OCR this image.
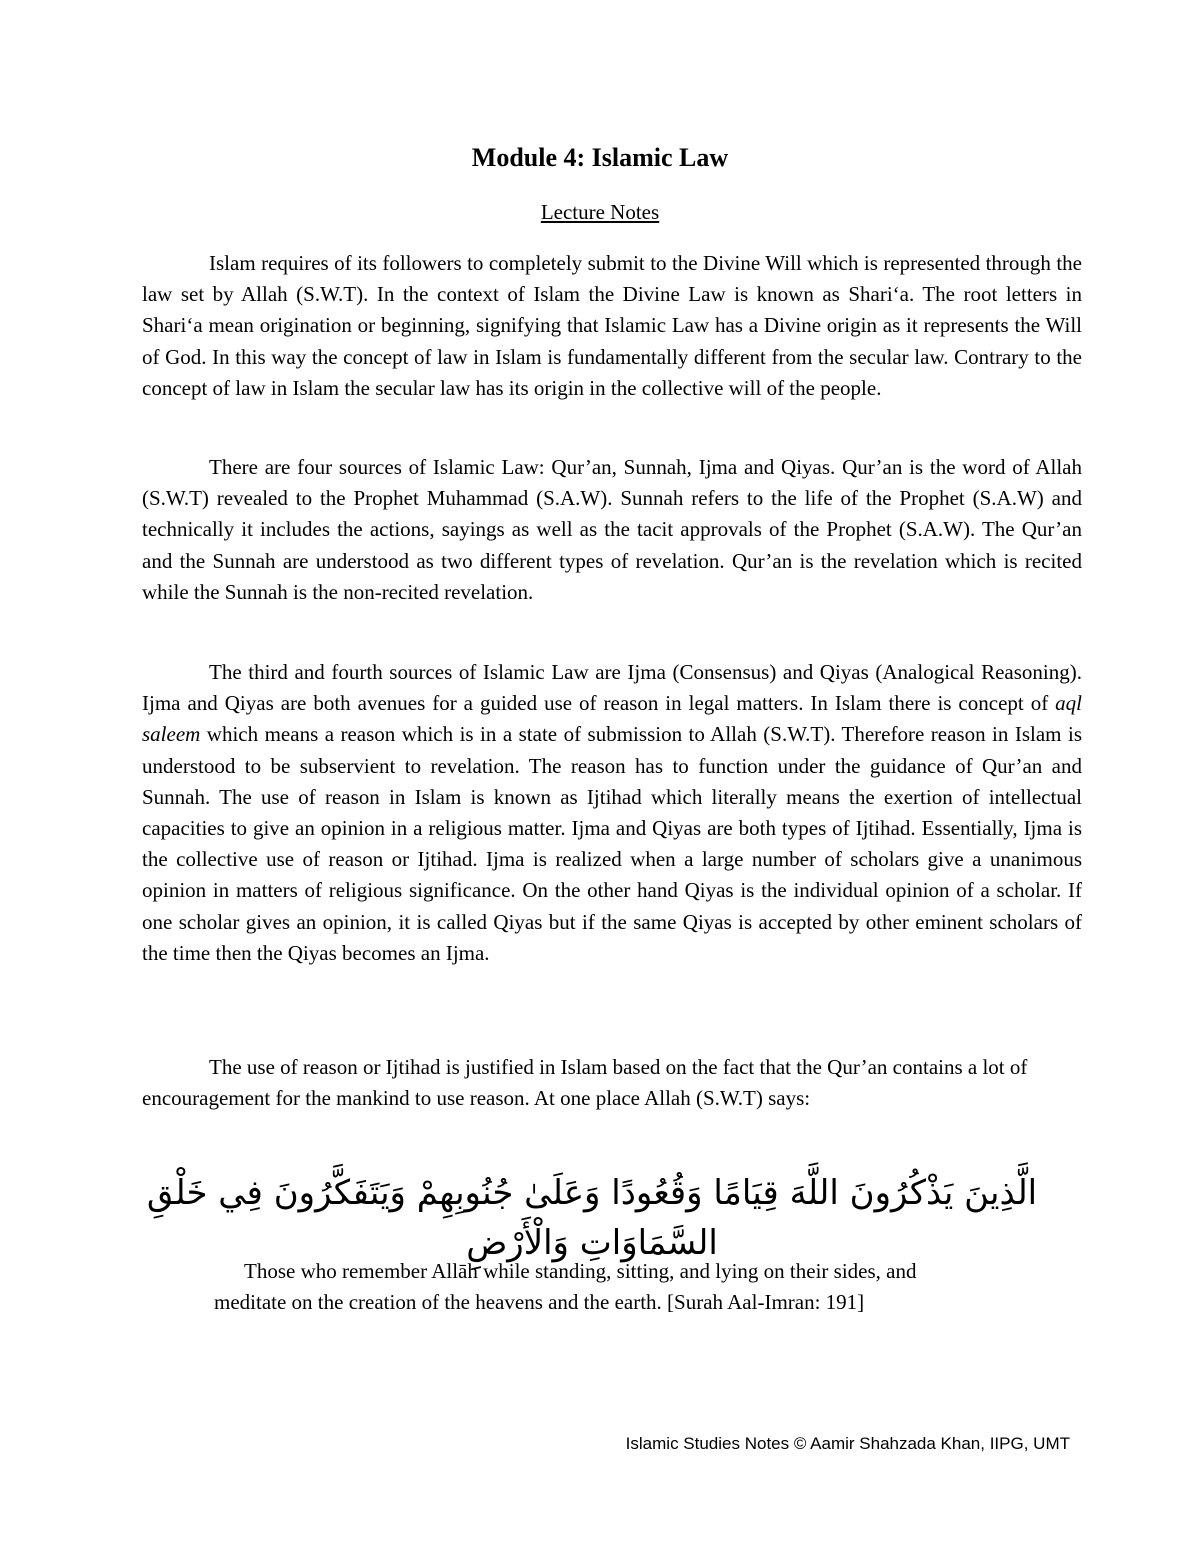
Module 4: Islamic Law
Lecture Notes

Islam requires of its followers to completely submit to the Divine Will which is represented through the law set by Allah (S.W.T). In the context of Islam the Divine Law is known as Shari‘a. The root letters in Shari‘a mean origination or beginning, signifying that Islamic Law has a Divine origin as it represents the Will of God. In this way the concept of law in Islam is fundamentally different from the secular law. Contrary to the concept of law in Islam the secular law has its origin in the collective will of the people.

There are four sources of Islamic Law: Qur’an, Sunnah, Ijma and Qiyas. Qur’an is the word of Allah (S.W.T) revealed to the Prophet Muhammad (S.A.W). Sunnah refers to the life of the Prophet (S.A.W) and technically it includes the actions, sayings as well as the tacit approvals of the Prophet (S.A.W). The Qur’an and the Sunnah are understood as two different types of revelation. Qur’an is the revelation which is recited while the Sunnah is the non-recited revelation.

The third and fourth sources of Islamic Law are Ijma (Consensus) and Qiyas (Analogical Reasoning). Ijma and Qiyas are both avenues for a guided use of reason in legal matters. In Islam there is concept of aql saleem which means a reason which is in a state of submission to Allah (S.W.T). Therefore reason in Islam is understood to be subservient to revelation. The reason has to function under the guidance of Qur’an and Sunnah. The use of reason in Islam is known as Ijtihad which literally means the exertion of intellectual capacities to give an opinion in a religious matter. Ijma and Qiyas are both types of Ijtihad. Essentially, Ijma is the collective use of reason or Ijtihad. Ijma is realized when a large number of scholars give a unanimous opinion in matters of religious significance. On the other hand Qiyas is the individual opinion of a scholar. If one scholar gives an opinion, it is called Qiyas but if the same Qiyas is accepted by other eminent scholars of the time then the Qiyas becomes an Ijma.

The use of reason or Ijtihad is justified in Islam based on the fact that the Qur’an contains a lot of encouragement for the mankind to use reason. At one place Allah (S.W.T) says:

الَّذِينَ يَذْكُرُونَ اللَّهَ قِيَامًا وَقُعُودًا وَعَلَىٰ جُنُوبِهِمْ وَيَتَفَكَّرُونَ فِي خَلْقِ السَّمَاوَاتِ وَالْأَرْضِ
Those who remember Allāh while standing, sitting, and lying on their sides, and
meditate on the creation of the heavens and the earth. [Surah Aal-Imran: 191]
Islamic Studies Notes © Aamir Shahzada Khan, IIPG, UMT
